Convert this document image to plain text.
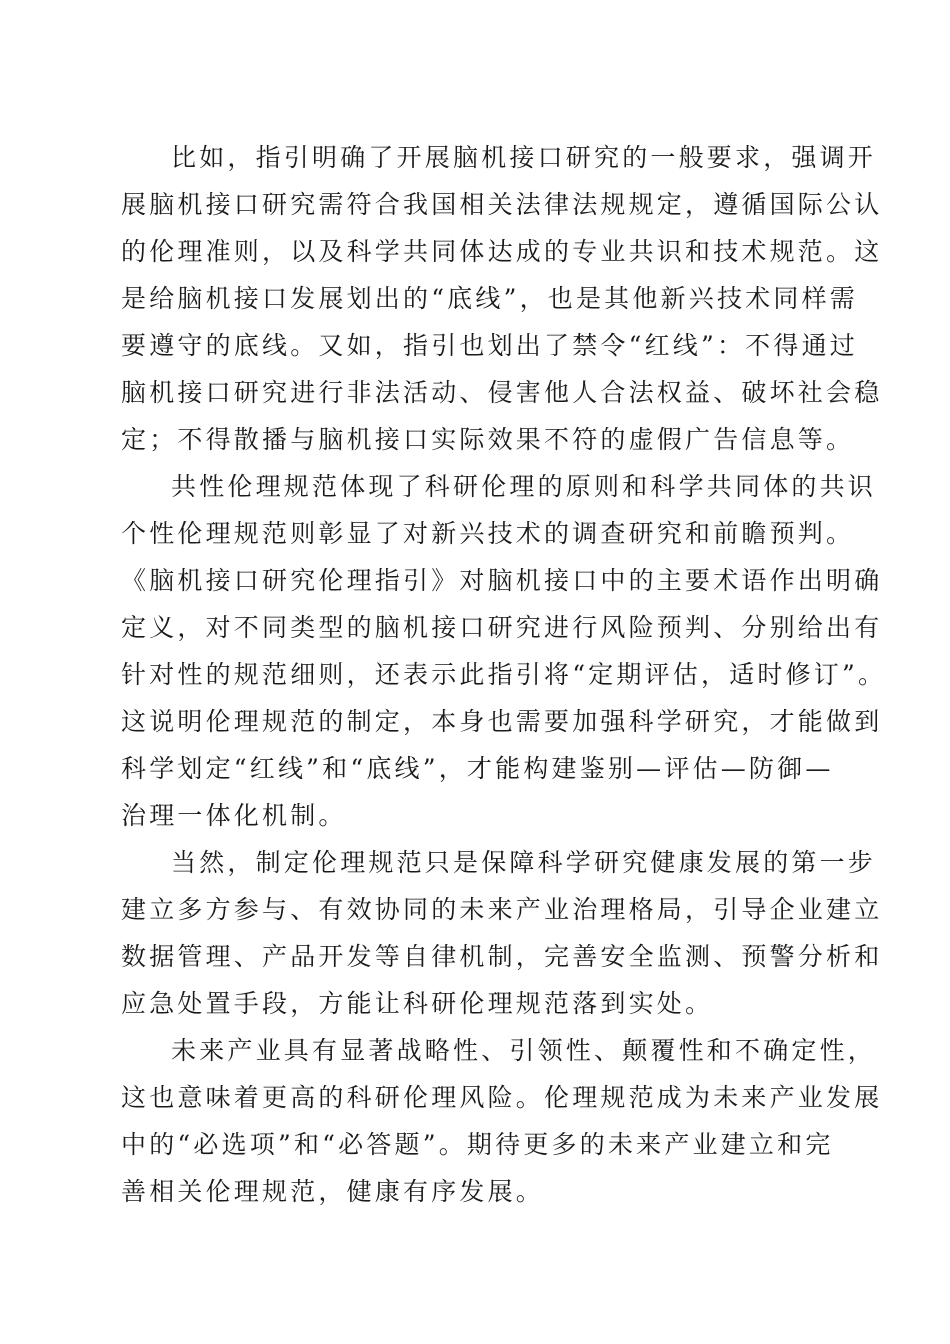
比如，指引明确了开展脑机接口研究的一般要求，强调开
展脑机接口研究需符合我国相关法律法规规定，遵循国际公认
的伦理准则，以及科学共同体达成的专业共识和技术规范。这
是给脑机接口发展划出的“底线”，也是其他新兴技术同样需
要遵守的底线。又如，指引也划出了禁令“红线”：不得通过
脑机接口研究进行非法活动、侵害他人合法权益、破坏社会稳
定；不得散播与脑机接口实际效果不符的虚假广告信息等。
共性伦理规范体现了科研伦理的原则和科学共同体的共识
个性伦理规范则彰显了对新兴技术的调查研究和前瞻预判。
《脑机接口研究伦理指引》对脑机接口中的主要术语作出明确
定义，对不同类型的脑机接口研究进行风险预判、分别给出有
针对性的规范细则，还表示此指引将“定期评估，适时修订”。
这说明伦理规范的制定，本身也需要加强科学研究，才能做到
科学划定“红线”和“底线”，才能构建鉴别—评估—防御—
治理一体化机制。
当然，制定伦理规范只是保障科学研究健康发展的第一步
建立多方参与、有效协同的未来产业治理格局，引导企业建立
数据管理、产品开发等自律机制，完善安全监测、预警分析和
应急处置手段，方能让科研伦理规范落到实处。
未来产业具有显著战略性、引领性、颠覆性和不确定性，
这也意味着更高的科研伦理风险。伦理规范成为未来产业发展
中的“必选项”和“必答题”。期待更多的未来产业建立和完
善相关伦理规范，健康有序发展。
